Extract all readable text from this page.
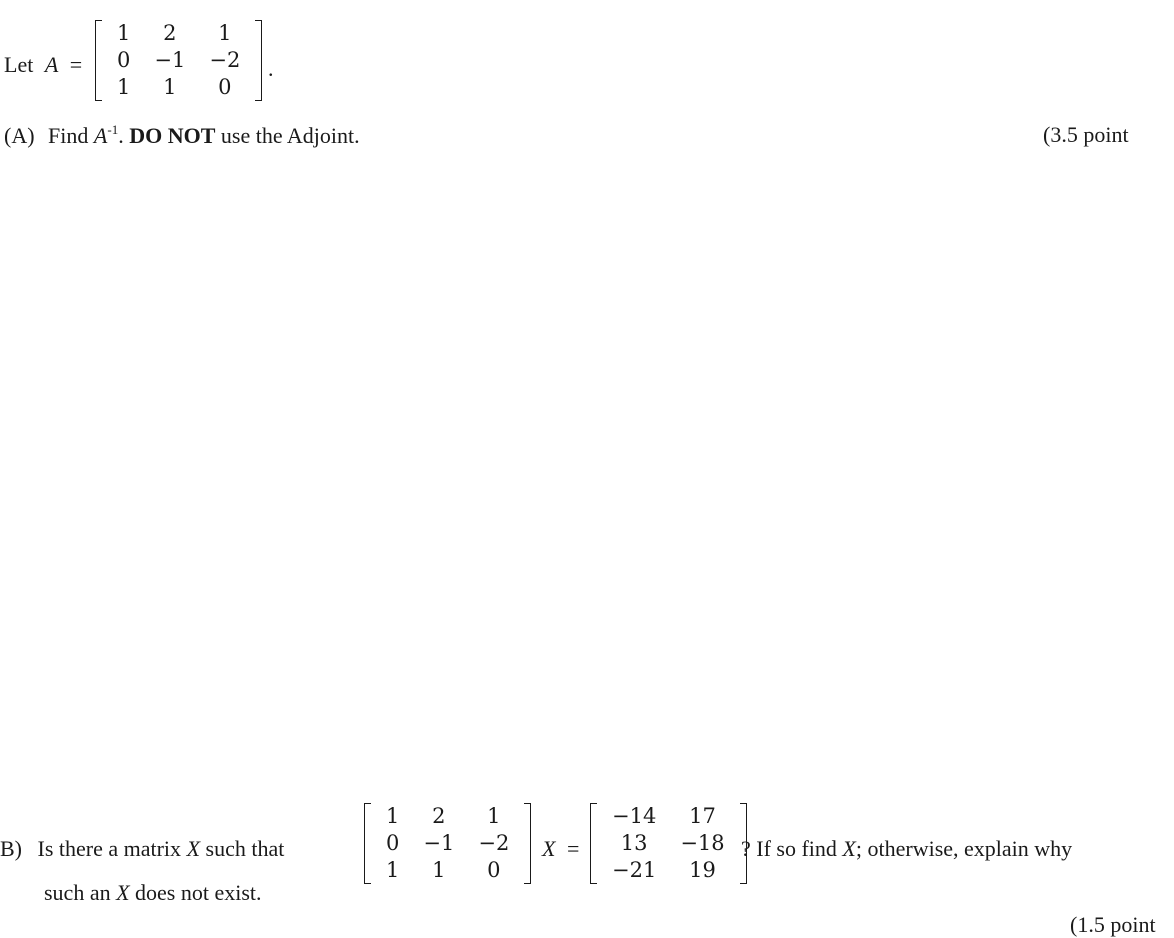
Let A =
1	2	1
0	−1	−2
1	1	0
.
(A) Find $A^{-1}$. DO NOT use the Adjoint.	(3.5 point
B) Is there a matrix X such that
1	2	1
0	−1	−2
1	1	0
X =
−14	17
13	−18
−21	19
? If so find X; otherwise, explain why
such an X does not exist.
(1.5 point
